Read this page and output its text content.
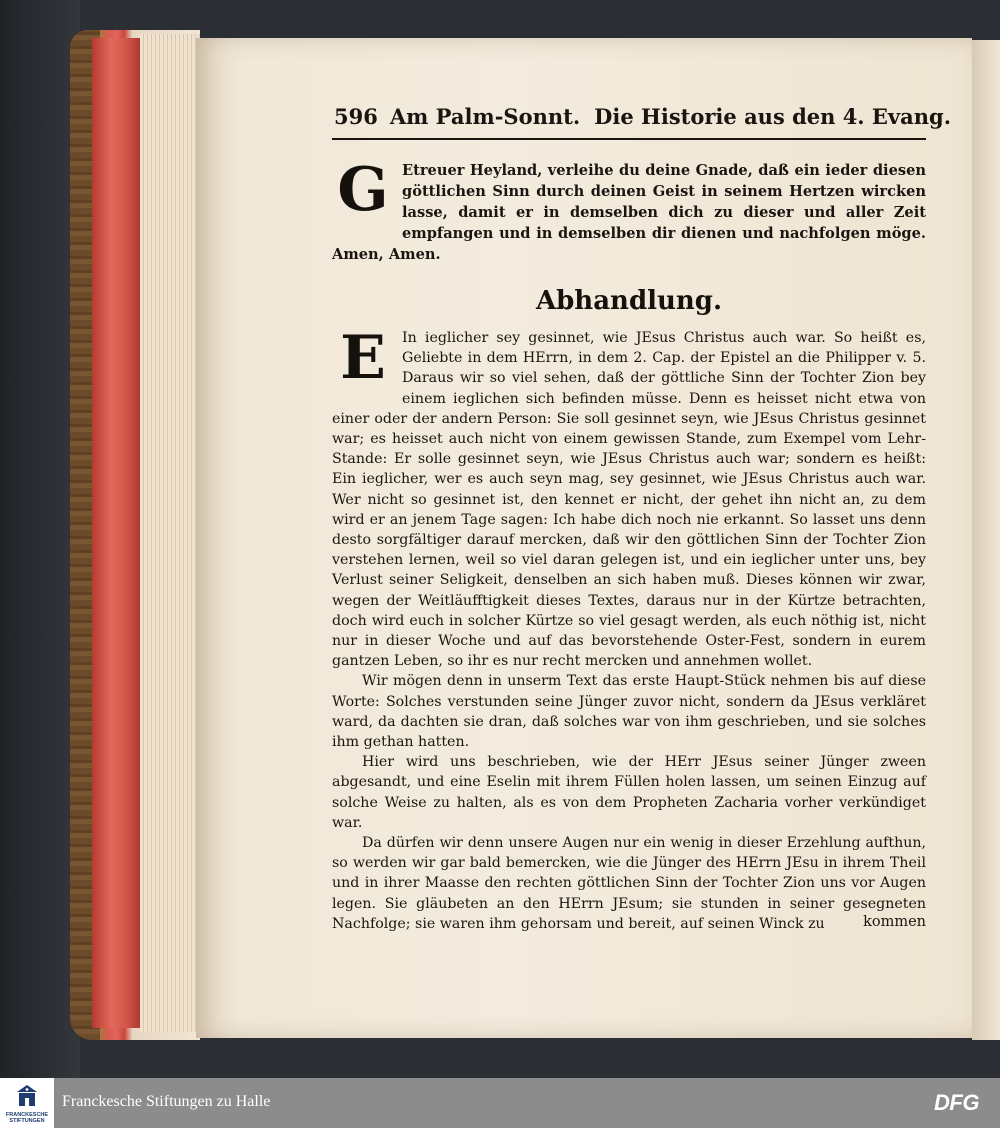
596 Am Palm-Sonnt. Die Historie aus den 4. Evang.
G Etreuer Heyland, verleihe du deine Gnade, daß ein ieder diesen göttlichen Sinn durch deinen Geist in seinem Hertzen wircken lasse, damit er in demselben dich zu dieser und aller Zeit empfangen und in demselben dir dienen und nachfolgen möge. Amen, Amen.
Abhandlung.

E	In ieglicher sey gesinnet, wie JEsus Christus auch war. So heißt es, Geliebte in dem HErrn, in dem 2. Cap. der Epistel an die Philipper v. 5. Daraus wir so viel sehen, daß der göttliche Sinn der Tochter Zion bey einem ieglichen sich befinden müsse. Denn es heisset nicht etwa von einer oder der andern Person: Sie soll gesinnet seyn, wie JEsus Christus gesinnet war; es heisset auch nicht von einem gewissen Stande, zum Exempel vom Lehr-Stande: Er solle gesinnet seyn, wie JEsus Christus auch war; sondern es heißt: Ein ieglicher, wer es auch seyn mag, sey gesinnet, wie JEsus Christus auch war. Wer nicht so gesinnet ist, den kennet er nicht, der gehet ihn nicht an, zu dem wird er an jenem Tage sagen: Ich habe dich noch nie erkannt. So lasset uns denn desto sorgfältiger darauf mercken, daß wir den göttlichen Sinn der Tochter Zion verstehen lernen, weil so viel daran gelegen ist, und ein ieglicher unter uns, bey Verlust seiner Seligkeit, denselben an sich haben muß. Dieses können wir zwar, wegen der Weitläufftigkeit dieses Textes, daraus nur in der Kürtze betrachten, doch wird euch in solcher Kürtze so viel gesagt werden, als euch nöthig ist, nicht nur in dieser Woche und auf das bevorstehende Oster-Fest, sondern in eurem gantzen Leben, so ihr es nur recht mercken und annehmen wollet.

Wir mögen denn in unserm Text das erste Haupt-Stück nehmen bis auf diese Worte: Solches verstunden seine Jünger zuvor nicht, sondern da JEsus verkläret ward, da dachten sie dran, daß solches war von ihm geschrieben, und sie solches ihm gethan hatten.

Hier wird uns beschrieben, wie der HErr JEsus seiner Jünger zween abgesandt, und eine Eselin mit ihrem Füllen holen lassen, um seinen Einzug auf solche Weise zu halten, als es von dem Propheten Zacharia vorher verkündiget war.

Da dürfen wir denn unsere Augen nur ein wenig in dieser Erzehlung aufthun, so werden wir gar bald bemercken, wie die Jünger des HErrn JEsu in ihrem Theil und in ihrer Maasse den rechten göttlichen Sinn der Tochter Zion uns vor Augen legen. Sie gläubeten an den HErrn JEsum; sie stunden in seiner gesegneten Nachfolge; sie waren ihm gehorsam und bereit, auf seinen Winck zu	kommen
FRANCKESCHE STIFTUNGEN
Franckesche Stiftungen zu Halle	DFG
